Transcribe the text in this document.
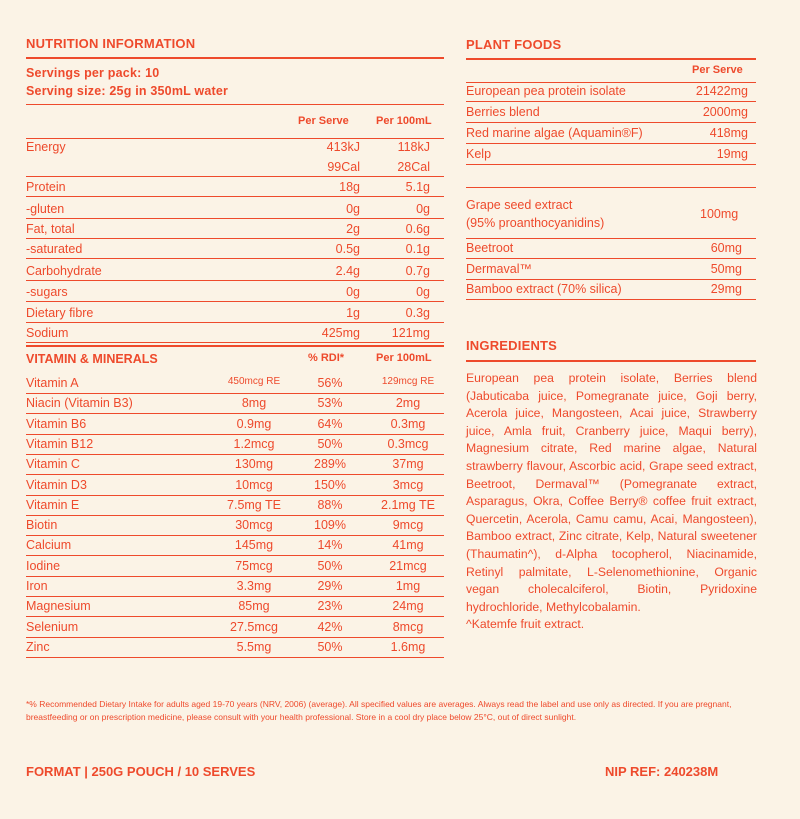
NUTRITION INFORMATION
Servings per pack: 10
Serving size: 25g in 350mL water
Per Serve Per 100mL
Energy	413kJ	118kJ
99Cal	28Cal
Protein	18g	5.1g
-gluten	0g	0g
Fat, total	2g	0.6g
-saturated	0.5g	0.1g
Carbohydrate	2.4g	0.7g
-sugars	0g	0g
Dietary fibre	1g	0.3g
Sodium	425mg	121mg
VITAMIN & MINERALS	% RDI*	Per 100mL
Vitamin A	450mcg RE	56%	129mcg RE
Niacin (Vitamin B3)	8mg	53%	2mg
Vitamin B6	0.9mg	64%	0.3mg
Vitamin B12	1.2mcg	50%	0.3mcg
Vitamin C	130mg	289%	37mg
Vitamin D3	10mcg	150%	3mcg
Vitamin E	7.5mg TE	88%	2.1mg TE
Biotin	30mcg	109%	9mcg
Calcium	145mg	14%	41mg
Iodine	75mcg	50%	21mcg
Iron	3.3mg	29%	1mg
Magnesium	85mg	23%	24mg
Selenium	27.5mcg	42%	8mcg
Zinc	5.5mg	50%	1.6mg
PLANT FOODS
Per Serve
European pea protein isolate	21422mg
Berries blend	2000mg
Red marine algae (Aquamin®F)	418mg
Kelp	19mg
Grape seed extract
(95% proanthocyanidins)
100mg
Beetroot	60mg
Dermaval™	50mg
Bamboo extract (70% silica)	29mg
INGREDIENTS
European pea protein isolate, Berries blend (Jabuticaba juice, Pomegranate juice, Goji berry, Acerola juice, Mangosteen, Acai juice, Strawberry juice, Amla fruit, Cranberry juice, Maqui berry), Magnesium citrate, Red marine algae, Natural strawberry flavour, Ascorbic acid, Grape seed extract, Beetroot, Dermaval™ (Pomegranate extract, Asparagus, Okra, Coffee Berry® coffee fruit extract, Quercetin, Acerola, Camu camu, Acai, Mangosteen), Bamboo extract, Zinc citrate, Kelp, Natural sweetener (Thaumatin^), d-Alpha tocopherol, Niacinamide, Retinyl palmitate, L-Selenomethionine, Organic vegan cholecalciferol, Biotin, Pyridoxine hydrochloride, Methylcobalamin.
^Katemfe fruit extract.
*% Recommended Dietary Intake for adults aged 19-70 years (NRV, 2006) (average). All specified values are averages. Always read the label and use only as directed. If you are pregnant, breastfeeding or on prescription medicine, please consult with your health professional. Store in a cool dry place below 25°C, out of direct sunlight.
FORMAT | 250G POUCH / 10 SERVES	NIP REF: 240238M
